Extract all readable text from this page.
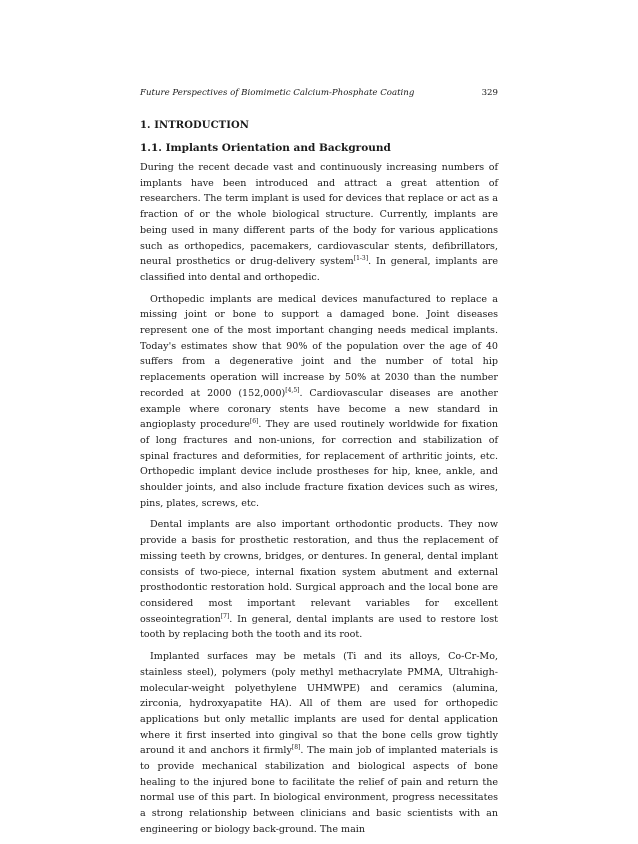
Future Perspectives of Biomimetic Calcium-Phosphate Coating	329
1. INTRODUCTION
1.1. Implants Orientation and Background

During the recent decade vast and continuously increasing numbers of implants have been introduced and attract a great attention of researchers. The term implant is used for devices that replace or act as a fraction of or the whole biological structure. Currently, implants are being used in many different parts of the body for various applications such as orthopedics, pacemakers, cardiovascular stents, defibrillators, neural prosthetics or drug-delivery system[1-3]. In general, implants are classified into dental and orthopedic.

Orthopedic implants are medical devices manufactured to replace a missing joint or bone to support a damaged bone. Joint diseases represent one of the most important changing needs medical implants. Today's estimates show that 90% of the population over the age of 40 suffers from a degenerative joint and the number of total hip replacements operation will increase by 50% at 2030 than the number recorded at 2000 (152,000)[4,5]. Cardiovascular diseases are another example where coronary stents have become a new standard in angioplasty procedure[6]. They are used routinely worldwide for fixation of long fractures and non-unions, for correction and stabilization of spinal fractures and deformities, for replacement of arthritic joints, etc. Orthopedic implant device include prostheses for hip, knee, ankle, and shoulder joints, and also include fracture fixation devices such as wires, pins, plates, screws, etc.

Dental implants are also important orthodontic products. They now provide a basis for prosthetic restoration, and thus the replacement of missing teeth by crowns, bridges, or dentures. In general, dental implant consists of two-piece, internal fixation system abutment and external prosthodontic restoration hold. Surgical approach and the local bone are considered most important relevant variables for excellent osseointegration[7]. In general, dental implants are used to restore lost tooth by replacing both the tooth and its root.

Implanted surfaces may be metals (Ti and its alloys, Co-Cr-Mo, stainless steel), polymers (poly methyl methacrylate PMMA, Ultrahigh-molecular-weight polyethylene UHMWPE) and ceramics (alumina, zirconia, hydroxyapatite HA). All of them are used for orthopedic applications but only metallic implants are used for dental application where it first inserted into gingival so that the bone cells grow tightly around it and anchors it firmly[8]. The main job of implanted materials is to provide mechanical stabilization and biological aspects of bone healing to the injured bone to facilitate the relief of pain and return the normal use of this part. In biological environment, progress necessitates a strong relationship between clinicians and basic scientists with an engineering or biology back-ground. The main
